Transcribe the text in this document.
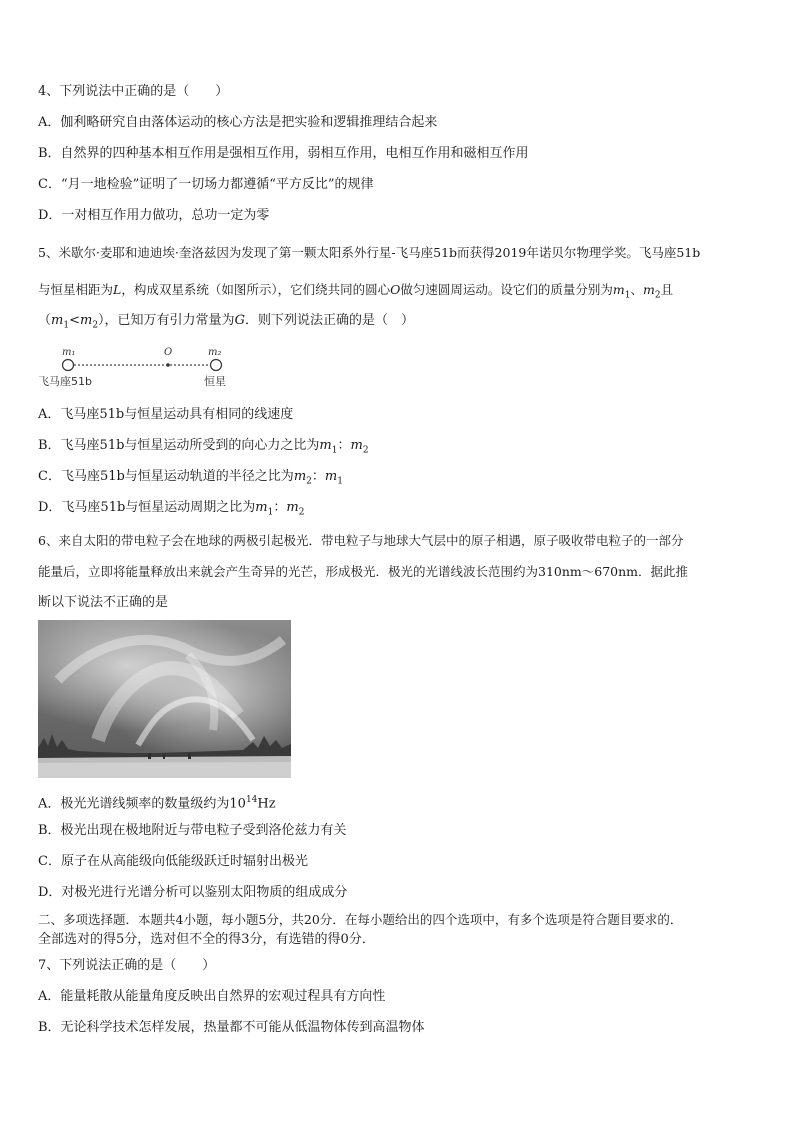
4、下列说法中正确的是（　　）
A．伽利略研究自由落体运动的核心方法是把实验和逻辑推理结合起来
B．自然界的四种基本相互作用是强相互作用，弱相互作用，电相互作用和磁相互作用
C．“月一地检验”证明了一切场力都遵循“平方反比”的规律
D．一对相互作用力做功，总功一定为零
5、米歇尔·麦耶和迪迪埃·奎洛兹因为发现了第一颗太阳系外行星-飞马座51b而获得2019年诺贝尔物理学奖。飞马座51b
与恒星相距为L，构成双星系统（如图所示），它们绕共同的圆心O做匀速圆周运动。设它们的质量分别为$m_1$、$m_2$且
$(m_1<m_2)$，已知万有引力常量为G．则下列说法正确的是（　）
m₁	O	m₂
飞马座51b	恒星
A．飞马座51b与恒星运动具有相同的线速度
B．飞马座51b与恒星运动所受到的向心力之比为$m_1$：$m_2$
C．飞马座51b与恒星运动轨道的半径之比为$m_2$：$m_1$
D．飞马座51b与恒星运动周期之比为$m_1$：$m_2$
6、来自太阳的带电粒子会在地球的两极引起极光．带电粒子与地球大气层中的原子相遇，原子吸收带电粒子的一部分
能量后，立即将能量释放出来就会产生奇异的光芒，形成极光．极光的光谱线波长范围约为310nm～670nm．据此推
断以下说法不正确的是
A．极光光谱线频率的数量级约为$10^{14}Hz$
B．极光出现在极地附近与带电粒子受到洛伦兹力有关
C．原子在从高能级向低能级跃迁时辐射出极光
D．对极光进行光谱分析可以鉴别太阳物质的组成成分
二、多项选择题．本题共4小题，每小题5分，共20分．在每小题给出的四个选项中，有多个选项是符合题目要求的．
全部选对的得5分，选对但不全的得3分，有选错的得0分．
7、下列说法正确的是（　　）
A．能量耗散从能量角度反映出自然界的宏观过程具有方向性
B．无论科学技术怎样发展，热量都不可能从低温物体传到高温物体
